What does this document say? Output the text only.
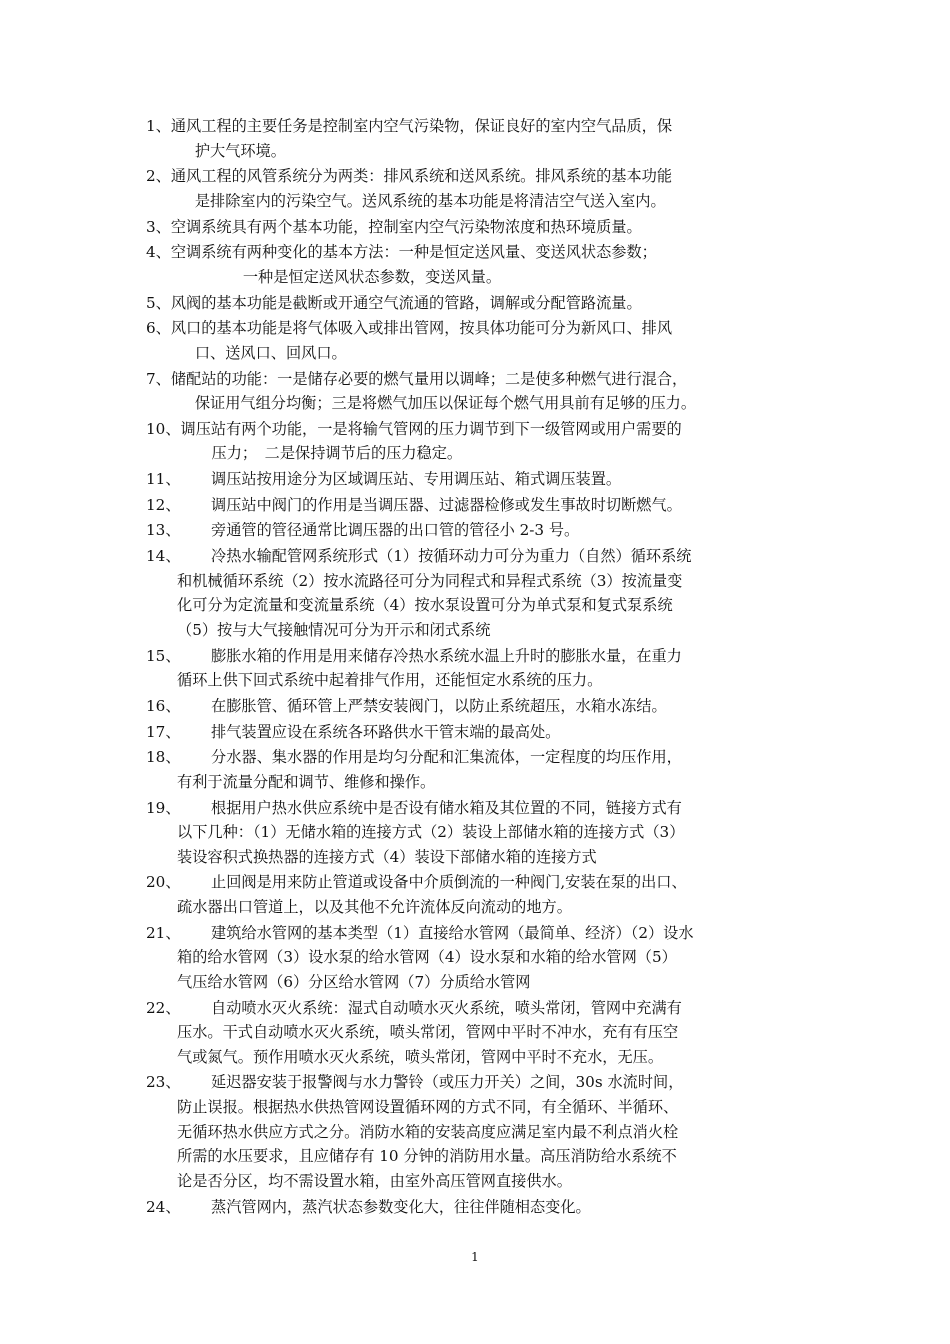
1、 通风工程的主要任务是控制室内空气污染物，保证良好的室内空气品质，保
护大气环境。
2、 通风工程的风管系统分为两类：排风系统和送风系统。排风系统的基本功能
是排除室内的污染空气。送风系统的基本功能是将清洁空气送入室内。
3、 空调系统具有两个基本功能，控制室内空气污染物浓度和热环境质量。
4、 空调系统有两种变化的基本方法：一种是恒定送风量、变送风状态参数；
一种是恒定送风状态参数，变送风量。
5、 风阀的基本功能是截断或开通空气流通的管路，调解或分配管路流量。
6、 风口的基本功能是将气体吸入或排出管网，按具体功能可分为新风口、排风
口、送风口、回风口。
7、 储配站的功能：一是储存必要的燃气量用以调峰；二是使多种燃气进行混合，
保证用气组分均衡；三是将燃气加压以保证每个燃气用具前有足够的压力。
10、 调压站有两个功能，一是将输气管网的压力调节到下一级管网或用户需要的
压力；　二是保持调节后的压力稳定。
11、	调压站按用途分为区域调压站、专用调压站、箱式调压装置。
12、	调压站中阀门的作用是当调压器、过滤器检修或发生事故时切断燃气。
13、	旁通管的管径通常比调压器的出口管的管径小 2-3 号。
14、	冷热水输配管网系统形式（1）按循环动力可分为重力（自然）循环系统
和机械循环系统（2）按水流路径可分为同程式和异程式系统（3）按流量变
化可分为定流量和变流量系统（4）按水泵设置可分为单式泵和复式泵系统
（5）按与大气接触情况可分为开示和闭式系统
15、	膨胀水箱的作用是用来储存冷热水系统水温上升时的膨胀水量，在重力
循环上供下回式系统中起着排气作用，还能恒定水系统的压力。
16、	在膨胀管、循环管上严禁安装阀门，以防止系统超压，水箱水冻结。
17、	排气装置应设在系统各环路供水干管末端的最高处。
18、	分水器、集水器的作用是均匀分配和汇集流体，一定程度的均压作用，
有利于流量分配和调节、维修和操作。
19、	根据用户热水供应系统中是否设有储水箱及其位置的不同，链接方式有
以下几种：（1）无储水箱的连接方式（2）装设上部储水箱的连接方式（3）
装设容积式换热器的连接方式（4）装设下部储水箱的连接方式
20、	止回阀是用来防止管道或设备中介质倒流的一种阀门,安装在泵的出口、
疏水器出口管道上，以及其他不允许流体反向流动的地方。
21、	建筑给水管网的基本类型（1）直接给水管网（最简单、经济）（2）设水
箱的给水管网（3）设水泵的给水管网（4）设水泵和水箱的给水管网（5）
气压给水管网（6）分区给水管网（7）分质给水管网
22、	自动喷水灭火系统：湿式自动喷水灭火系统，喷头常闭，管网中充满有
压水。干式自动喷水灭火系统，喷头常闭，管网中平时不冲水，充有有压空
气或氮气。预作用喷水灭火系统，喷头常闭，管网中平时不充水，无压。
23、	延迟器安装于报警阀与水力警铃（或压力开关）之间，30s 水流时间，
防止误报。根据热水供热管网设置循环网的方式不同，有全循环、半循环、
无循环热水供应方式之分。消防水箱的安装高度应满足室内最不利点消火栓
所需的水压要求，且应储存有 10 分钟的消防用水量。高压消防给水系统不
论是否分区，均不需设置水箱，由室外高压管网直接供水。
24、	蒸汽管网内，蒸汽状态参数变化大，往往伴随相态变化。
1
